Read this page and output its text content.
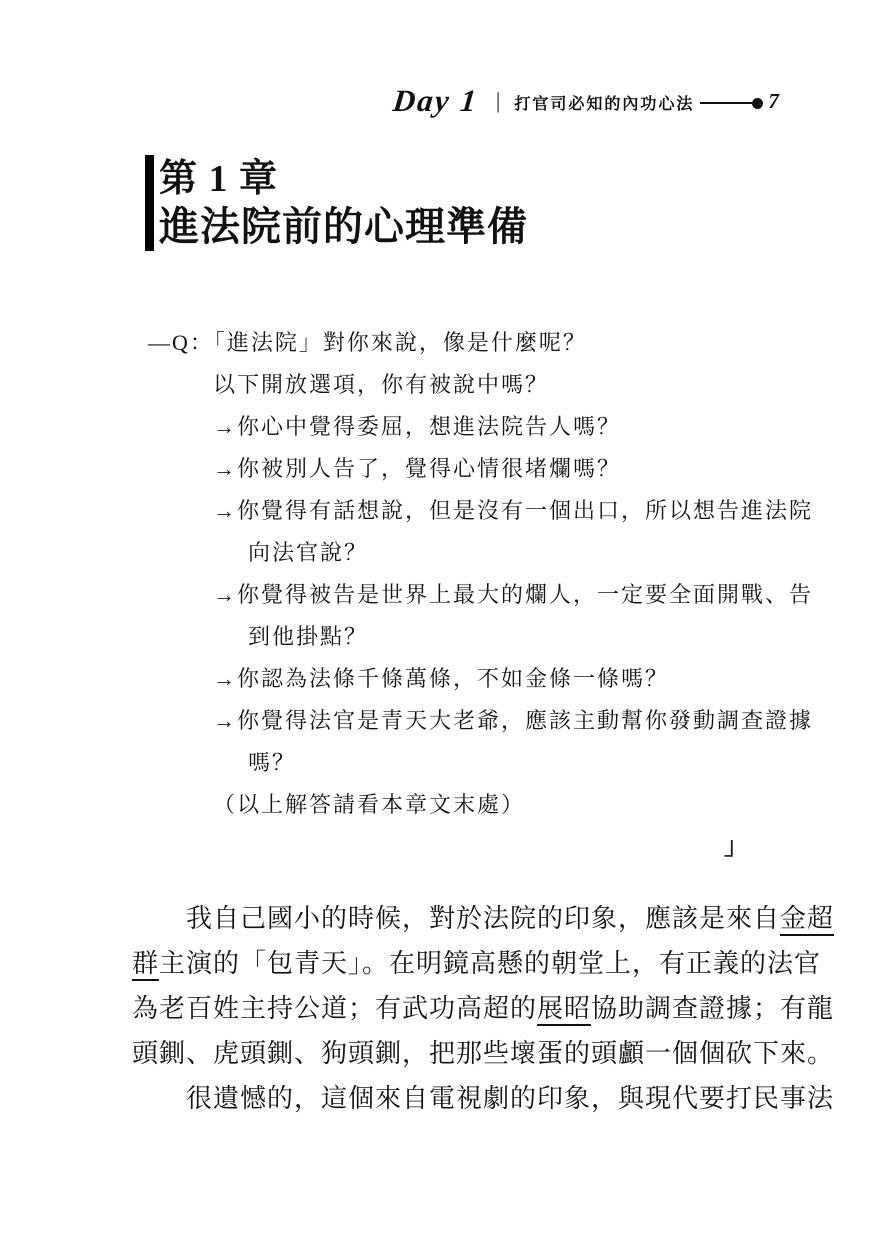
Day 1 | 打官司必知的內功心法	7
第 1 章
進法院前的心理準備
—Q：「進法院」對你來說，像是什麼呢？
以下開放選項，你有被說中嗎？
→你心中覺得委屈，想進法院告人嗎？
→你被別人告了，覺得心情很堵爛嗎？
→你覺得有話想說，但是沒有一個出口，所以想告進法院
向法官說？
→你覺得被告是世界上最大的爛人，一定要全面開戰、告
到他掛點？
→你認為法條千條萬條，不如金條一條嗎？
→你覺得法官是青天大老爺，應該主動幫你發動調查證據
嗎？
（以上解答請看本章文末處）
」
我自己國小的時候，對於法院的印象，應該是來自金超
群主演的「包青天」。在明鏡高懸的朝堂上，有正義的法官
為老百姓主持公道；有武功高超的展昭協助調查證據；有龍
頭鍘、虎頭鍘、狗頭鍘，把那些壞蛋的頭顱一個個砍下來。
很遺憾的，這個來自電視劇的印象，與現代要打民事法
